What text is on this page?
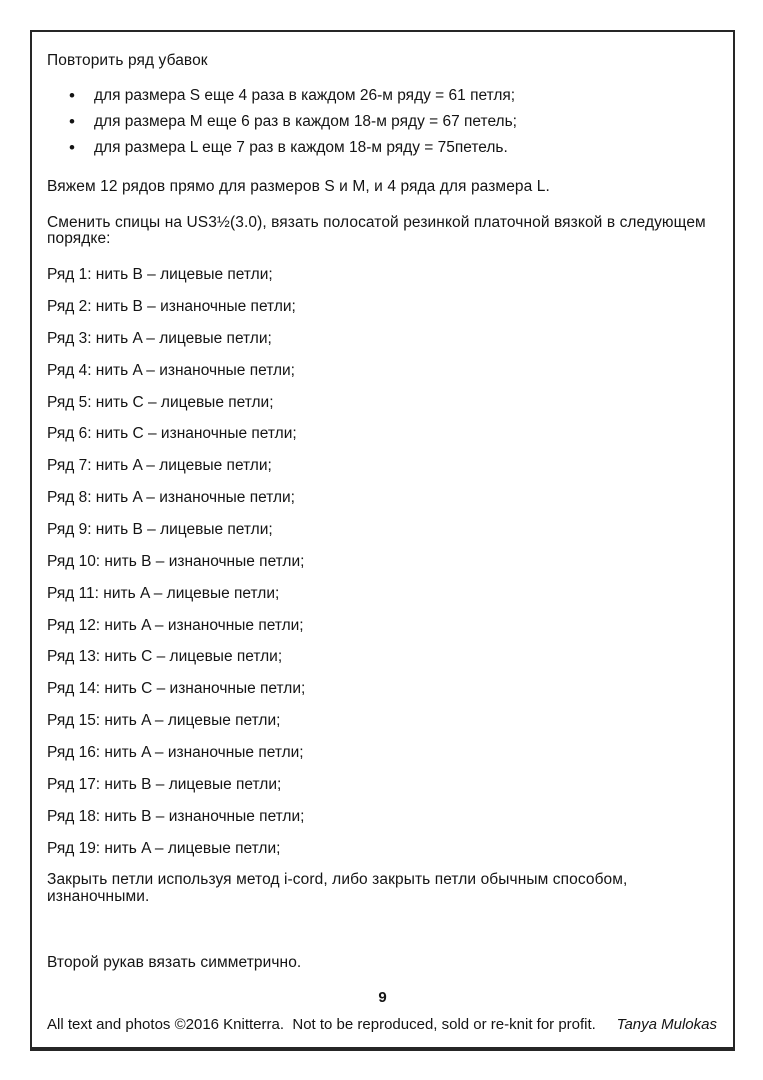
Повторить ряд убавок

• для размера S еще 4 раза в каждом 26-м ряду = 61 петля;
• для размера M еще 6 раз в каждом 18-м ряду = 67 петель;
• для размера L еще 7 раз в каждом 18-м ряду = 75петель.

Вяжем 12 рядов прямо для размеров S и M, и 4 ряда для размера L.

Сменить спицы на US3½(3.0), вязать полосатой резинкой платочной вязкой в следующем порядке:

Ряд 1: нить B – лицевые петли;

Ряд 2: нить B – изнаночные петли;

Ряд 3: нить A – лицевые петли;

Ряд 4: нить A – изнаночные петли;

Ряд 5: нить C – лицевые петли;

Ряд 6: нить C – изнаночные петли;

Ряд 7: нить A – лицевые петли;

Ряд 8: нить A – изнаночные петли;

Ряд 9: нить B – лицевые петли;

Ряд 10: нить B – изнаночные петли;

Ряд 11: нить A – лицевые петли;

Ряд 12: нить A – изнаночные петли;

Ряд 13: нить C – лицевые петли;

Ряд 14: нить C – изнаночные петли;

Ряд 15: нить A – лицевые петли;

Ряд 16: нить A – изнаночные петли;

Ряд 17: нить B – лицевые петли;

Ряд 18: нить B – изнаночные петли;

Ряд 19: нить A – лицевые петли;

Закрыть петли используя метод i-cord, либо закрыть петли обычным способом, изнаночными.

Второй рукав вязать симметрично.

9
All text and photos ©2016 Knitterra.  Not to be reproduced, sold or re-knit for profit. Tanya Mulokas
